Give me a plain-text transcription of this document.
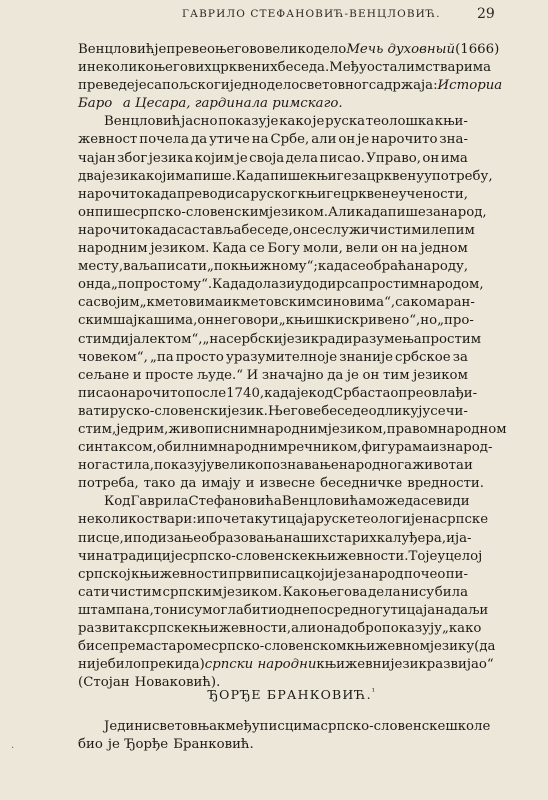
ГАВРИЛО СТЕФАНОВИЋ-ВЕНЦЛОВИЋ.	29
Венцловић је превео његово велико дело Мечь духовный (1666)
и неколико његових црквених беседа. Међу осталим стварима
преведе је са пољског и једно дело световног садржаја: Историа
Бароа Цесара, гардинала римскаго.
Венцловић јасно показује како је руска теолошка књи-
жевност почела да утиче на Србе, али он је нарочито зна-
чајан због језика којим је своја дела писао. Управо, он има
два језика којима пише. Када пише књиге за црквену употребу,
нарочито када преводи са руског књиге црквене учености,
он пише српско-словенским језиком. Али када пише за народ,
нарочито када саставља беседе, он се служи чистим и лепим
народним језиком. Када се Богу моли, вели он на једном
месту, ваља писати „по књижному“; када се обраћа народу,
онда „по простому“. Када долази у додир са простим народом,
са својим „кметовима и кметовским синовима“, са комаран-
ским шајкашима, он не говори „књишки скривено“, но „про-
стим дијалектом“, „на сербски језик ради разумења простим
човеком“, „па просто уразумителноје знаније србское за
сељане и просте људе.“ И значајно да је он тим језиком
писао нарочито после 1740, када је код Срба стао преовлађи-
вати руско-словенски језик. Његове беседе одликују се чи-
стим, једрим, живописним народним језиком, правом народном
синтаксом, обилним народним речником, фигурама из народ-
нога стила, показују велико познавање народнога живота и
потреба, тако да имају и извесне беседничке вредности.
Код Гаврила Стефановића Венцловића може да се види
неколико ствари: и почетак утицаја руске теологије на српске
писце, и подизање образовања наших старих калуђера, и ја-
чина традиције српско-словенске књижевности. То је у целој
српској књижевности први писац који је за народ почео пи-
сати чистим српским језиком. Како његова дела нису била
штампана, то нису могла бити од непосредног утицаја на даљи
развитак српске књижевности, али она добро показују „како
би се према староме српско-словенском књижевном језику (да
није било прекида) српски народни књижевни језик развијао“
(Стојан Новаковић).
ЂОРЂЕ БРАНКОВИЋ.$^{^1}$
Једини световњак међу писцима српско-словенске школе
био је Ђорђе Бранковић.
·
